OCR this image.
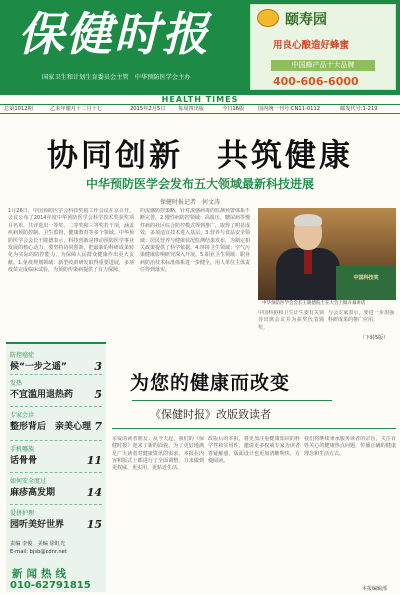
保健时报
国家卫生和计划生育委员会主管　中华预防医学会主办
颐寿园
用良心酿造好蜂蜜
中国蜂产品十大品牌
400-606-6000
HEALTH TIMES
总第1012期	乙未年腊月十二月十七	2015年2月5日 每周四出版	今日16版	国内统一刊号:CN11-0112	邮发代号:1-219
协同创新　共筑健康
中华预防医学会发布五大领域最新科技进展
保健时报记者　何文涛
1月26日，中国预防医学会科技奖励工作会议在京召开。会议公布了2014年度中华预防医学会科学技术奖获奖项目名单，共评选出一等奖、二等奖和三等奖若干项，涵盖疾病预防控制、卫生监督、健康教育等多个领域。中华预防医学会会长王陇德表示，科技创新是推动预防医学事业发展的核心动力，要坚持协同创新，把最新的科研成果转化为实际的防控能力，为保障人民群众健康作出更大贡献。1.免疫规划领域：新型疫苗研发取得重要进展，多项疫苗完成临床试验，为预防传染病提供了有力保障。
的流感防控策略，针对流感病毒的监测预警体系不断完善。2.慢性病防控领域：高血压、糖尿病等慢性病的社区综合防控模式得到推广，取得了明显成效，多项适宜技术进入基层。3.营养与食品安全领域：居民营养与健康状况监测结果发布，为制定相关政策提供了科学依据。4.环境卫生领域：空气污染健康影响研究深入开展。5.职业卫生领域：职业病防治技术标准体系进一步健全，用人单位主体责任得到落实。
中国科技奖
中华预防医学会会长王陇德院士在大会上做开幕讲话
中国科协和卫生计生委有关领导出席会议并为获奖代表颁奖。
与会专家表示，要进一步加强科研成果的推广应用。
（下转5版）
防控癌症
候“一步之遥”	3
发热
不宜滥用退热药	5
专家会诊
整形背后　亲美心理 7
手机哪族
话骨骨	11
如何安全度过
麻疹高发期	14
爱拼护理
园听美好世界	15
责编 李俊　美编 徐虹光
E-mail: bjsb@cdnr.net
新闻热线
010-62791815
为您的健康而改变
《保健时报》改版致读者
亲爱的读者朋友：从今天起，我们的《保健时报》迎来了新的面貌。为了更好地满足广大读者对健康资讯的需求，本报在内容和版式上都进行了全面调整，力求做到更权威、更实用、更贴近生活。
改版后的本报，将更加注重健康知识的科学性和实用性，邀请更多权威专家为读者答疑解惑，版面设计也更加清晰明快，方便阅读。
我们将继续秉承服务读者的宗旨，关注百姓关心的健康热点问题，传播正确的健康理念和生活方式。
本报编辑部
